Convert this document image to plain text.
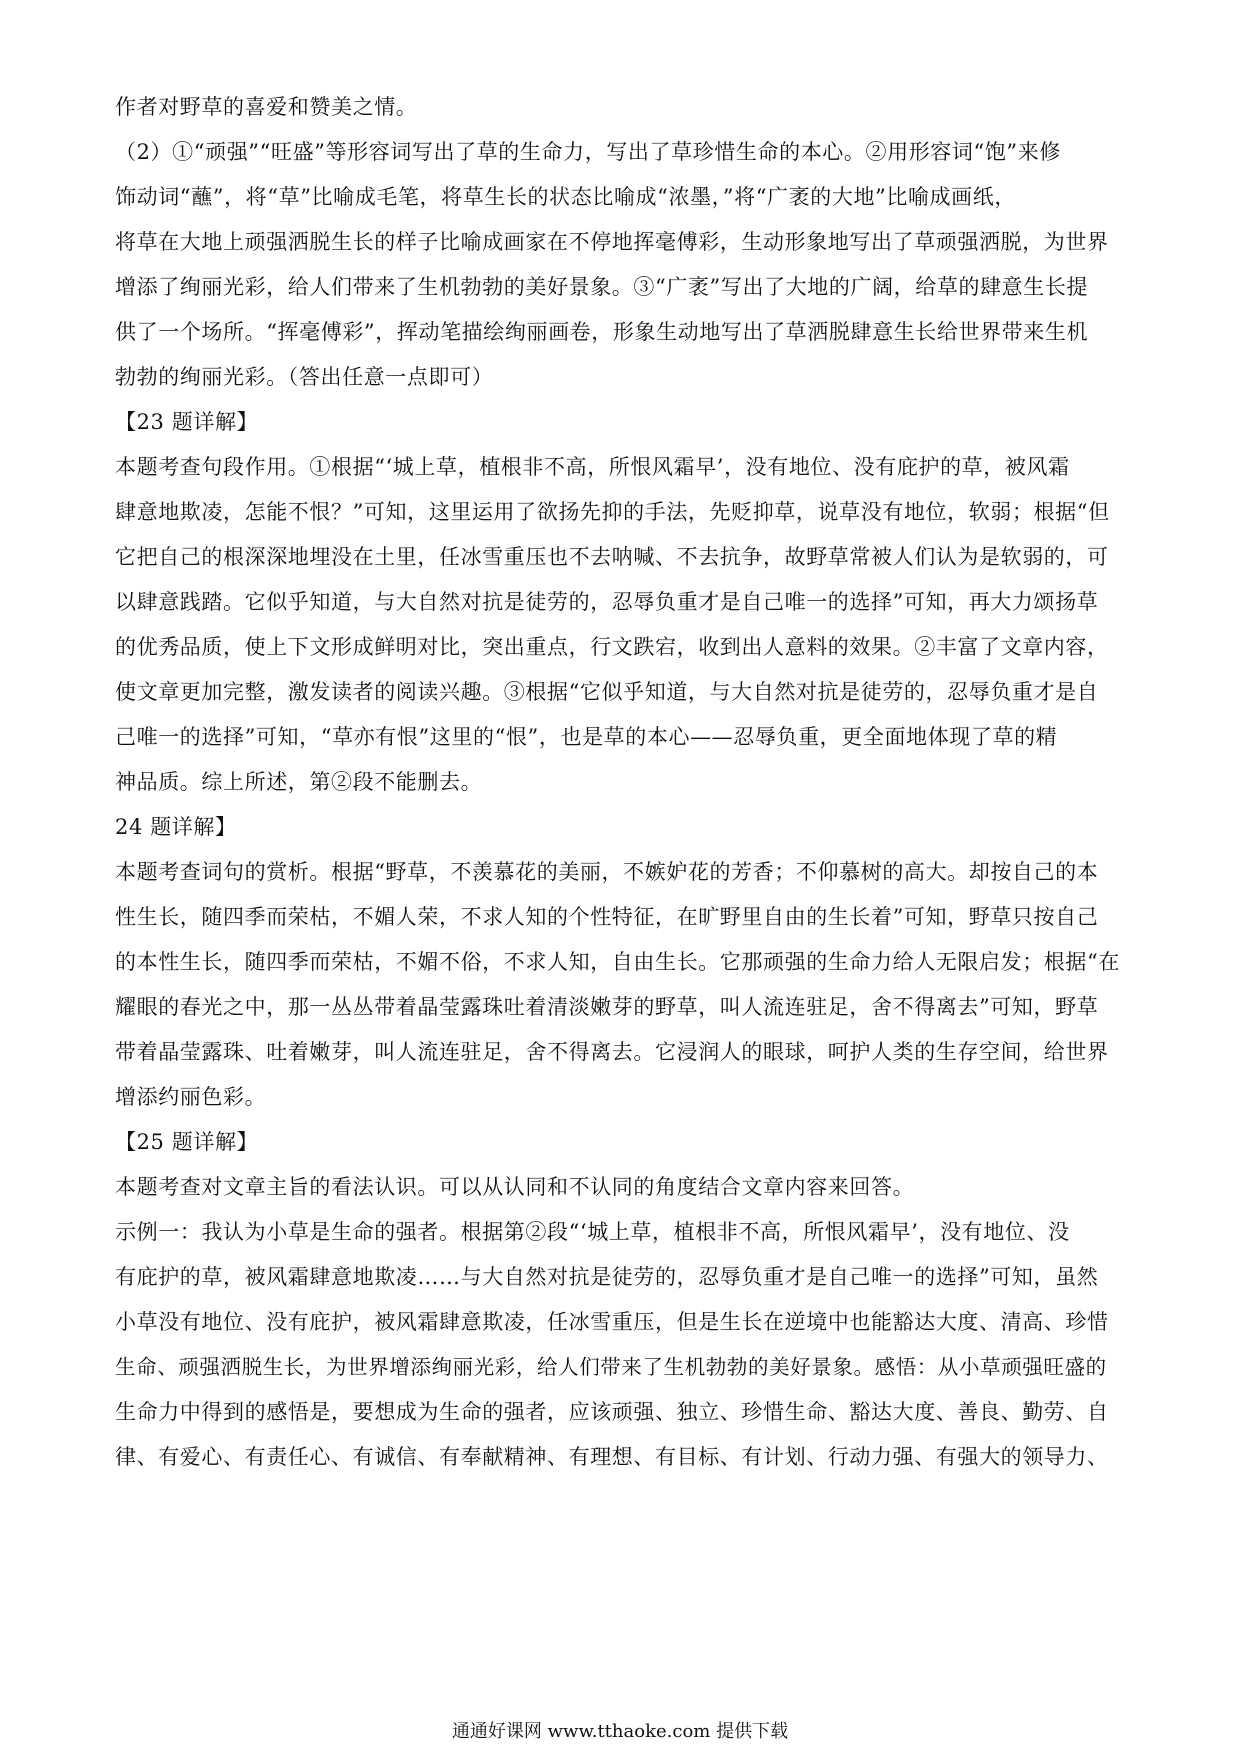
作者对野草的喜爱和赞美之情。
（2）①“顽强”“旺盛”等形容词写出了草的生命力，写出了草珍惜生命的本心。②用形容词“饱”来修
饰动词“蘸”，将“草”比喻成毛笔，将草生长的状态比喻成“浓墨，”将“广袤的大地”比喻成画纸，
将草在大地上顽强洒脱生长的样子比喻成画家在不停地挥毫傅彩，生动形象地写出了草顽强洒脱，为世界
增添了绚丽光彩，给人们带来了生机勃勃的美好景象。③“广袤”写出了大地的广阔，给草的肆意生长提
供了一个场所。“挥毫傅彩”，挥动笔描绘绚丽画卷，形象生动地写出了草洒脱肆意生长给世界带来生机
勃勃的绚丽光彩。（答出任意一点即可）
【23 题详解】
本题考查句段作用。①根据“‘城上草，植根非不高，所恨风霜早’，没有地位、没有庇护的草，被风霜
肆意地欺凌，怎能不恨？”可知，这里运用了欲扬先抑的手法，先贬抑草，说草没有地位，软弱；根据“但
它把自己的根深深地埋没在土里，任冰雪重压也不去呐喊、不去抗争，故野草常被人们认为是软弱的，可
以肆意践踏。它似乎知道，与大自然对抗是徒劳的，忍辱负重才是自己唯一的选择”可知，再大力颂扬草
的优秀品质，使上下文形成鲜明对比，突出重点，行文跌宕，收到出人意料的效果。②丰富了文章内容，
使文章更加完整，激发读者的阅读兴趣。③根据“它似乎知道，与大自然对抗是徒劳的，忍辱负重才是自
己唯一的选择”可知，“草亦有恨”这里的“恨”，也是草的本心——忍辱负重，更全面地体现了草的精
神品质。综上所述，第②段不能删去。
24 题详解】
本题考查词句的赏析。根据“野草，不羡慕花的美丽，不嫉妒花的芳香；不仰慕树的高大。却按自己的本
性生长，随四季而荣枯，不媚人荣，不求人知的个性特征，在旷野里自由的生长着”可知，野草只按自己
的本性生长，随四季而荣枯，不媚不俗，不求人知，自由生长。它那顽强的生命力给人无限启发；根据“在
耀眼的春光之中，那一丛丛带着晶莹露珠吐着清淡嫩芽的野草，叫人流连驻足，舍不得离去”可知，野草
带着晶莹露珠、吐着嫩芽，叫人流连驻足，舍不得离去。它浸润人的眼球，呵护人类的生存空间，给世界
增添约丽色彩。
【25 题详解】
本题考查对文章主旨的看法认识。可以从认同和不认同的角度结合文章内容来回答。
示例一：我认为小草是生命的强者。根据第②段“‘城上草，植根非不高，所恨风霜早’，没有地位、没
有庇护的草，被风霜肆意地欺凌……与大自然对抗是徒劳的，忍辱负重才是自己唯一的选择”可知，虽然
小草没有地位、没有庇护，被风霜肆意欺凌，任冰雪重压，但是生长在逆境中也能豁达大度、清高、珍惜
生命、顽强洒脱生长，为世界增添绚丽光彩，给人们带来了生机勃勃的美好景象。感悟：从小草顽强旺盛的
生命力中得到的感悟是，要想成为生命的强者，应该顽强、独立、珍惜生命、豁达大度、善良、勤劳、自
律、有爱心、有责任心、有诚信、有奉献精神、有理想、有目标、有计划、行动力强、有强大的领导力、
通通好课网 www.tthaoke.com 提供下载
